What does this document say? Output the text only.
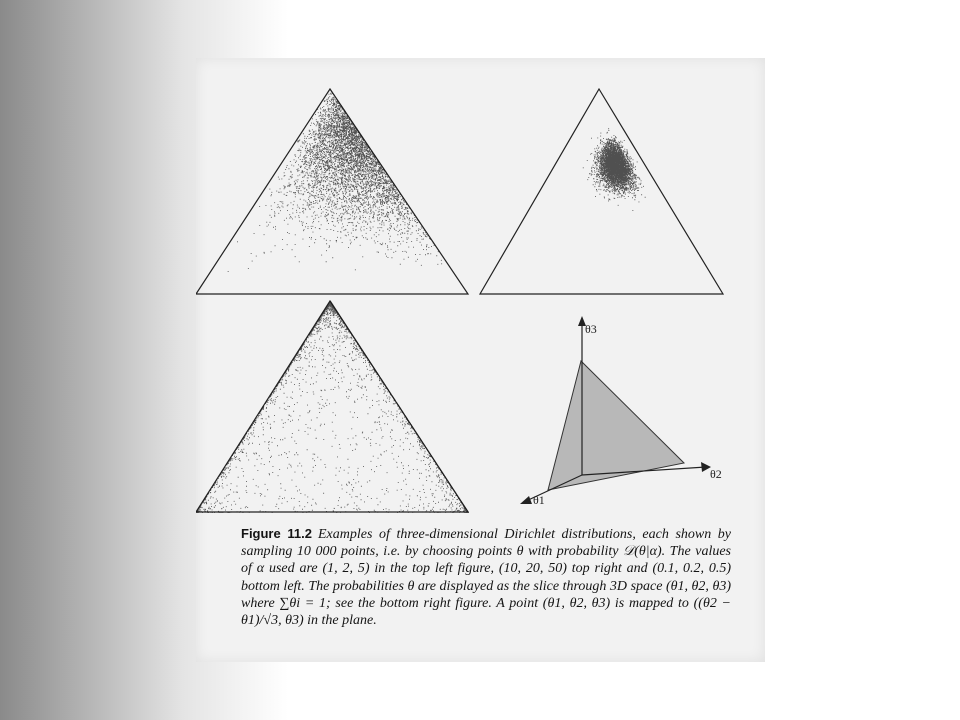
θ3
θ2
θ1
Figure 11.2 Examples of three-dimensional Dirichlet distributions, each shown by sampling 10 000 points, i.e. by choosing points θ with probability 𝒟(θ|α). The values of α used are (1, 2, 5) in the top left figure, (10, 20, 50) top right and (0.1, 0.2, 0.5) bottom left. The probabilities θ are displayed as the slice through 3D space (θ1, θ2, θ3) where ∑θi = 1; see the bottom right figure. A point (θ1, θ2, θ3) is mapped to ((θ2 − θ1)/√3, θ3) in the plane.
